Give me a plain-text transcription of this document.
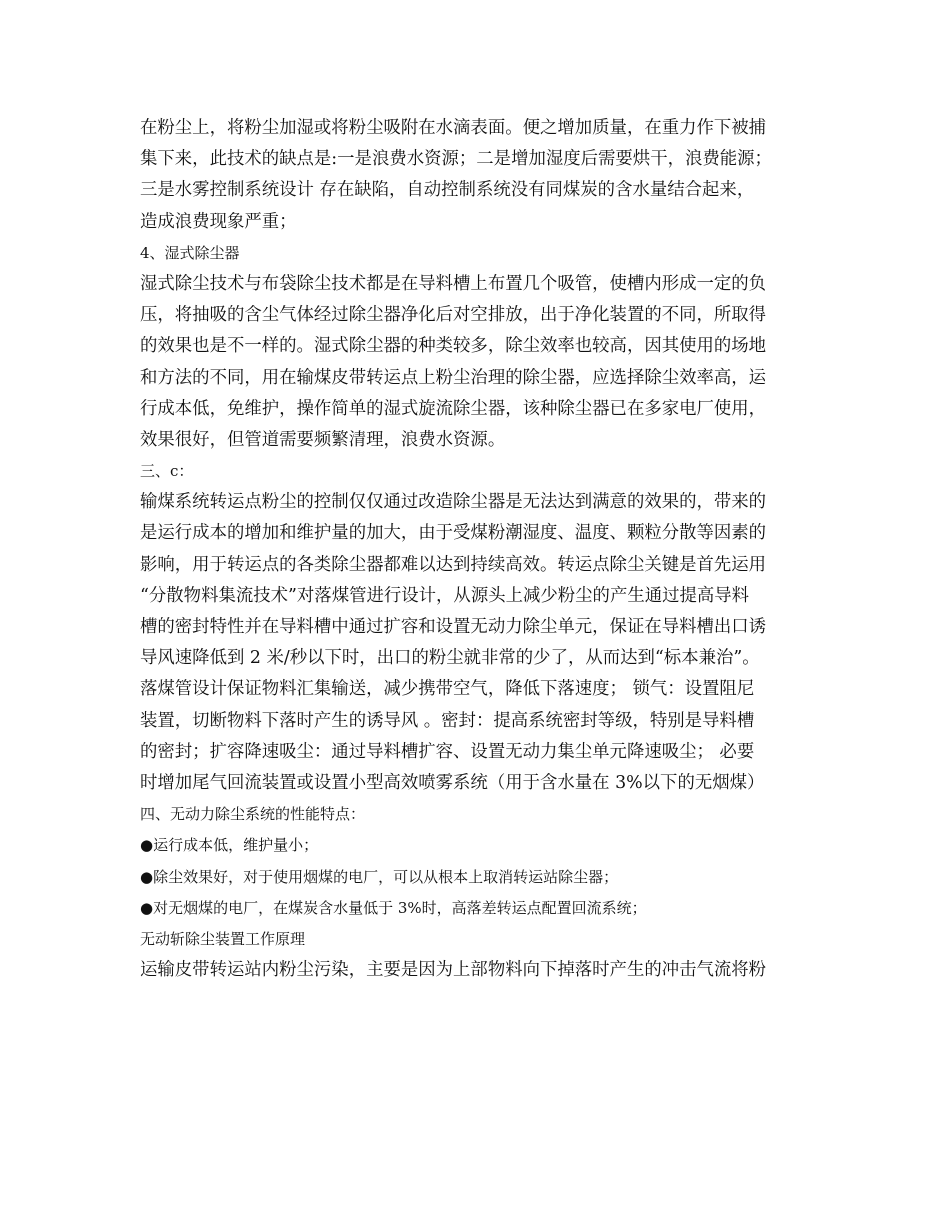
在粉尘上，将粉尘加湿或将粉尘吸附在水滴表面。便之增加质量，在重力作下被捕
集下来，此技术的缺点是:一是浪费水资源；二是增加湿度后需要烘干，浪费能源；
三是水雾控制系统设计 存在缺陷，自动控制系统没有同煤炭的含水量结合起来，
造成浪费现象严重；
4、湿式除尘器
湿式除尘技术与布袋除尘技术都是在导料槽上布置几个吸管，使槽内形成一定的负
压，将抽吸的含尘气体经过除尘器净化后对空排放，出于净化装置的不同，所取得
的效果也是不一样的。湿式除尘器的种类较多，除尘效率也较高，因其使用的场地
和方法的不同，用在输煤皮带转运点上粉尘治理的除尘器，应选择除尘效率高，运
行成本低，免维护，操作简单的湿式旋流除尘器，该种除尘器已在多家电厂使用，
效果很好，但管道需要频繁清理，浪费水资源。
三、c：
输煤系统转运点粉尘的控制仅仅通过改造除尘器是无法达到满意的效果的，带来的
是运行成本的增加和维护量的加大，由于受煤粉潮湿度、温度、颗粒分散等因素的
影响，用于转运点的各类除尘器都难以达到持续高效。转运点除尘关键是首先运用
“分散物料集流技术”对落煤管进行设计，从源头上减少粉尘的产生通过提高导料
槽的密封特性并在导料槽中通过扩容和设置无动力除尘单元，保证在导料槽出口诱
导风速降低到 2 米/秒以下时，出口的粉尘就非常的少了，从而达到“标本兼治”。
落煤管设计保证物料汇集输送，减少携带空气，降低下落速度； 锁气：设置阻尼
装置，切断物料下落时产生的诱导风 。密封：提高系统密封等级，特别是导料槽
的密封；扩容降速吸尘：通过导料槽扩容、设置无动力集尘单元降速吸尘； 必要
时增加尾气回流装置或设置小型高效喷雾系统（用于含水量在 3%以下的无烟煤）
四、无动力除尘系统的性能特点：
●运行成本低，维护量小；
●除尘效果好，对于使用烟煤的电厂，可以从根本上取消转运站除尘器；
●对无烟煤的电厂，在煤炭含水量低于 3%时，高落差转运点配置回流系统；
无动斩除尘装置工作原理
运输皮带转运站内粉尘污染，主要是因为上部物料向下掉落时产生的冲击气流将粉
